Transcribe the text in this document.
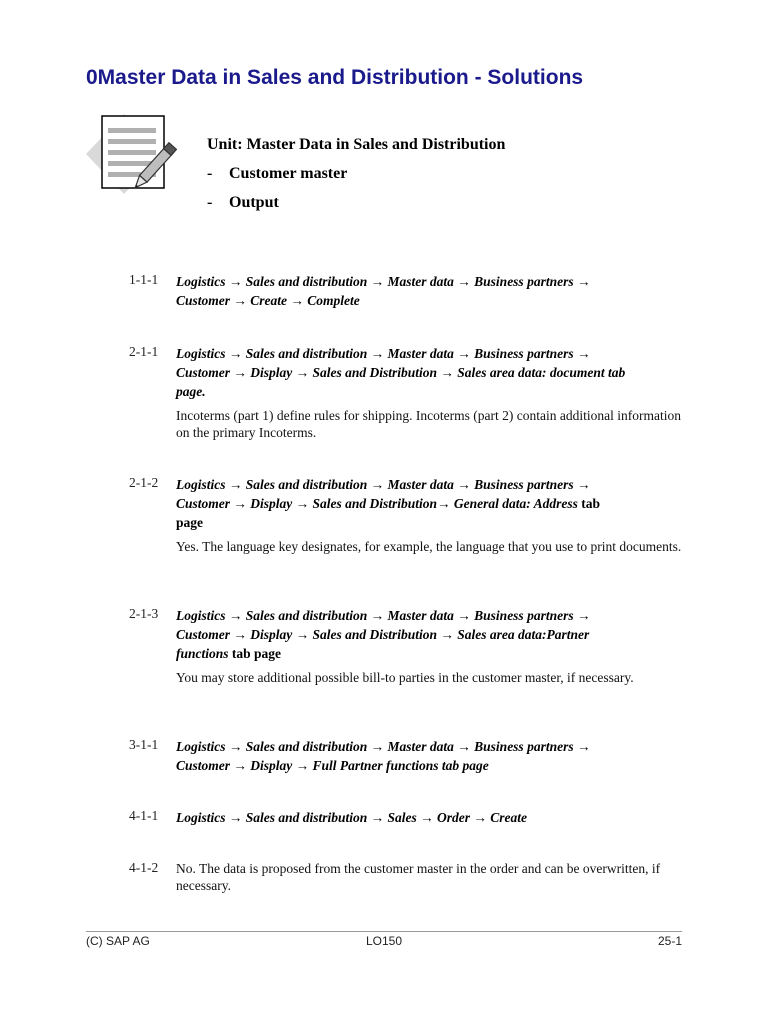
0Master Data in Sales and Distribution - Solutions
Unit: Master Data in Sales and Distribution
-	Customer master
-	Output
1-1-1	Logistics → Sales and distribution → Master data → Business partners →
Customer → Create → Complete
2-1-1	Logistics → Sales and distribution → Master data → Business partners →
Customer → Display → Sales and Distribution → Sales area data: document tab
page.
Incoterms (part 1) define rules for shipping. Incoterms (part 2) contain additional information on the primary Incoterms.
2-1-2	Logistics → Sales and distribution → Master data → Business partners →
Customer → Display → Sales and Distribution→ General data: Address tab
page
Yes. The language key designates, for example, the language that you use to print documents.
2-1-3	Logistics → Sales and distribution → Master data → Business partners →
Customer → Display → Sales and Distribution → Sales area data:Partner
functions tab page
You may store additional possible bill-to parties in the customer master, if necessary.
3-1-1	Logistics → Sales and distribution → Master data → Business partners →
Customer → Display → Full Partner functions tab page
4-1-1	Logistics → Sales and distribution → Sales → Order → Create
4-1-2	No. The data is proposed from the customer master in the order and can be overwritten, if necessary.
(C) SAP AG	LO150	25-1
